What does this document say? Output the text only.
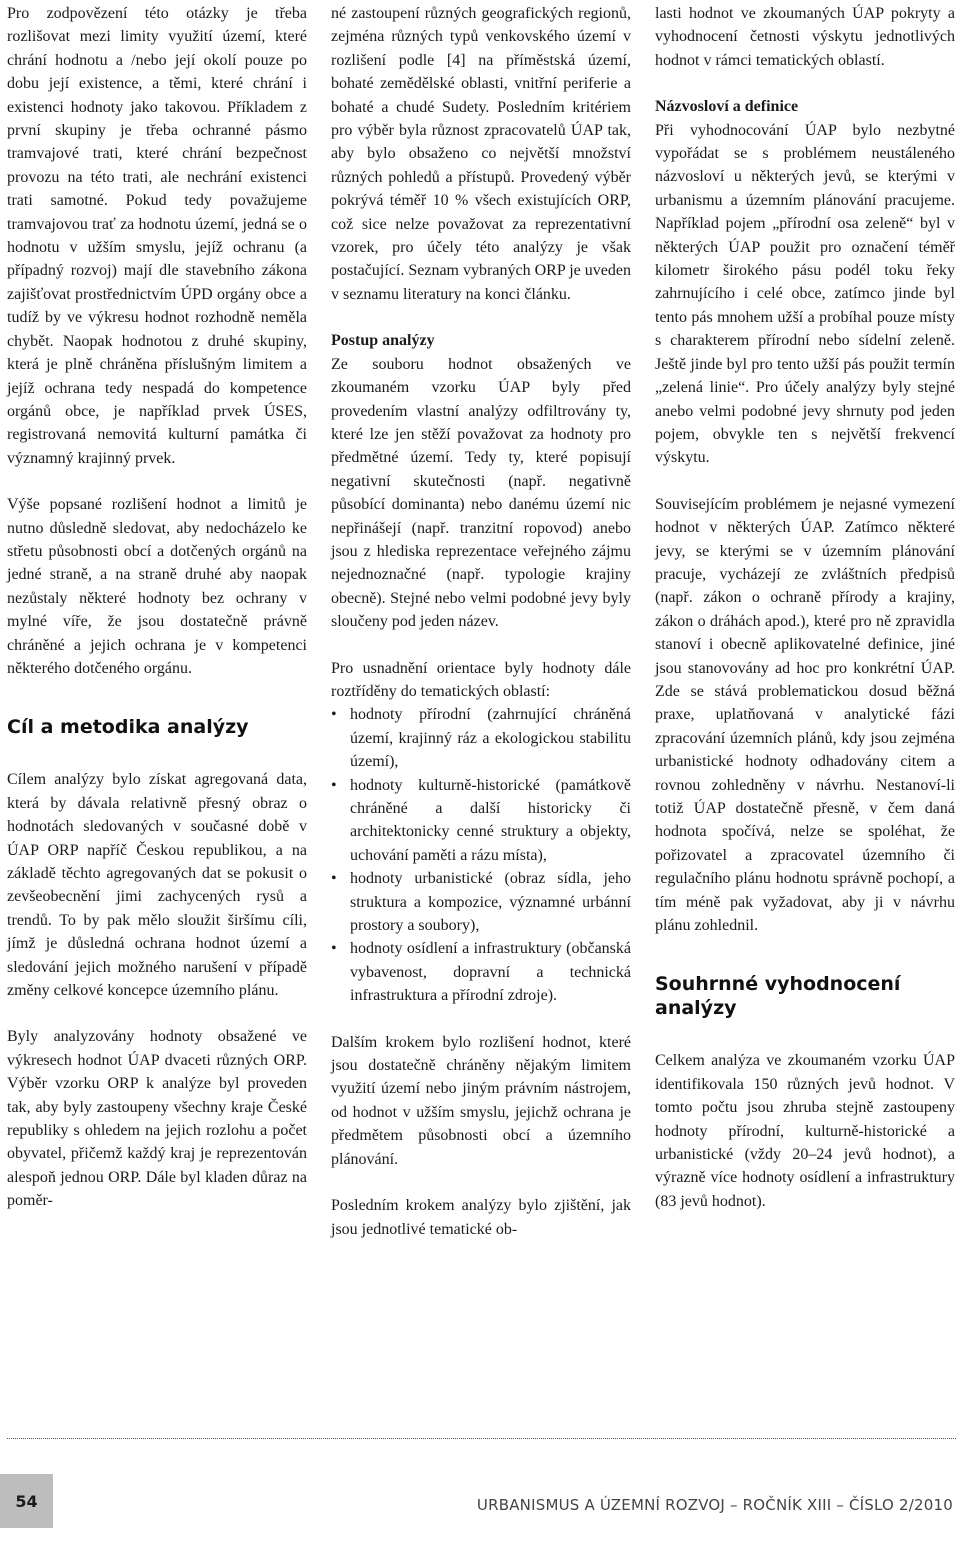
Pro zodpovězení této otázky je třeba rozlišovat mezi limity využití území, které chrání hodnotu a /nebo její okolí pouze po dobu její existence, a těmi, které chrání i existenci hodnoty jako takovou. Příkladem z první skupiny je třeba ochranné pásmo tramvajové trati, které chrání bezpečnost provozu na této trati, ale nechrání existenci trati samotné. Pokud tedy považujeme tramvajovou trať za hodnotu území, jedná se o hodnotu v užším smyslu, jejíž ochranu (a případný rozvoj) mají dle stavebního zákona zajišťovat prostřednictvím ÚPD orgány obce a tudíž by ve výkresu hodnot rozhodně neměla chybět. Naopak hodnotou z druhé skupiny, která je plně chráněna příslušným limitem a jejíž ochrana tedy nespadá do kompetence orgánů obce, je například prvek ÚSES, registrovaná nemovitá kulturní památka či významný krajinný prvek.

Výše popsané rozlišení hodnot a limitů je nutno důsledně sledovat, aby nedocházelo ke střetu působnosti obcí a dotčených orgánů na jedné straně, a na straně druhé aby naopak nezůstaly některé hodnoty bez ochrany v mylné víře, že jsou dostatečně právně chráněné a jejich ochrana je v kompetenci některého dotčeného orgánu.

Cíl a metodika analýzy

Cílem analýzy bylo získat agregovaná data, která by dávala relativně přesný obraz o hodnotách sledovaných v současné době v ÚAP ORP napříč Českou republikou, a na základě těchto agregovaných dat se pokusit o zevšeobecnění jimi zachycených rysů a trendů. To by pak mělo sloužit širšímu cíli, jímž je důsledná ochrana hodnot území a sledování jejich možného narušení v případě změny celkové koncepce územního plánu.

Byly analyzovány hodnoty obsažené ve výkresech hodnot ÚAP dvaceti různých ORP. Výběr vzorku ORP k analýze byl proveden tak, aby byly zastoupeny všechny kraje České republiky s ohledem na jejich rozlohu a počet obyvatel, přičemž každý kraj je reprezentován alespoň jednou ORP. Dále byl kladen důraz na poměr-

né zastoupení různých geografických regionů, zejména různých typů venkovského území v rozlišení podle [4] na příměstská území, bohaté zemědělské oblasti, vnitřní periferie a bohaté a chudé Sudety. Posledním kritériem pro výběr byla různost zpracovatelů ÚAP tak, aby bylo obsaženo co největší množství různých pohledů a přístupů. Provedený výběr pokrývá téměř 10 % všech existujících ORP, což sice nelze považovat za reprezentativní vzorek, pro účely této analýzy je však postačující. Seznam vybraných ORP je uveden v seznamu literatury na konci článku.

Postup analýzy

Ze souboru hodnot obsažených ve zkoumaném vzorku ÚAP byly před provedením vlastní analýzy odfiltrovány ty, které lze jen stěží považovat za hodnoty pro předmětné území. Tedy ty, které popisují negativní skutečnosti (např. negativně působící dominanta) nebo danému území nic nepřinášejí (např. tranzitní ropovod) anebo jsou z hlediska reprezentace veřejného zájmu nejednoznačné (např. typologie krajiny obecně). Stejné nebo velmi podobné jevy byly sloučeny pod jeden název.

Pro usnadnění orientace byly hodnoty dále roztříděny do tematických oblastí:

• hodnoty přírodní (zahrnující chráněná území, krajinný ráz a ekologickou stabilitu území),
• hodnoty kulturně-historické (památkově chráněné a další historicky či architektonicky cenné struktury a objekty, uchování paměti a rázu místa),
• hodnoty urbanistické (obraz sídla, jeho struktura a kompozice, významné urbánní prostory a soubory),
• hodnoty osídlení a infrastruktury (občanská vybavenost, dopravní a technická infrastruktura a přírodní zdroje).

Dalším krokem bylo rozlišení hodnot, které jsou dostatečně chráněny nějakým limitem využití území nebo jiným právním nástrojem, od hodnot v užším smyslu, jejichž ochrana je předmětem působnosti obcí a územního plánování.

Posledním krokem analýzy bylo zjištění, jak jsou jednotlivé tematické ob-

lasti hodnot ve zkoumaných ÚAP pokryty a vyhodnocení četnosti výskytu jednotlivých hodnot v rámci tematických oblastí.

Názvosloví a definice

Při vyhodnocování ÚAP bylo nezbytné vypořádat se s problémem neustáleného názvosloví u některých jevů, se kterými v urbanismu a územním plánování pracujeme. Například pojem „přírodní osa zeleně“ byl v některých ÚAP použit pro označení téměř kilometr širokého pásu podél toku řeky zahrnujícího i celé obce, zatímco jinde byl tento pás mnohem užší a probíhal pouze místy s charakterem přírodní nebo sídelní zeleně. Ještě jinde byl pro tento užší pás použit termín „zelená linie“. Pro účely analýzy byly stejné anebo velmi podobné jevy shrnuty pod jeden pojem, obvykle ten s největší frekvencí výskytu.

Souvisejícím problémem je nejasné vymezení hodnot v některých ÚAP. Zatímco některé jevy, se kterými se v územním plánování pracuje, vycházejí ze zvláštních předpisů (např. zákon o ochraně přírody a krajiny, zákon o dráhách apod.), které pro ně zpravidla stanoví i obecně aplikovatelné definice, jiné jsou stanovovány ad hoc pro konkrétní ÚAP. Zde se stává problematickou dosud běžná praxe, uplatňovaná v analytické fázi zpracování územních plánů, kdy jsou zejména urbanistické hodnoty odhadovány citem a rovnou zohledněny v návrhu. Nestanoví-li totiž ÚAP dostatečně přesně, v čem daná hodnota spočívá, nelze se spoléhat, že pořizovatel a zpracovatel územního či regulačního plánu hodnotu správně pochopí, a tím méně pak vyžadovat, aby ji v návrhu plánu zohlednil.

Souhrnné vyhodnocení analýzy

Celkem analýza ve zkoumaném vzorku ÚAP identifikovala 150 různých jevů hodnot. V tomto počtu jsou zhruba stejně zastoupeny hodnoty přírodní, kulturně-historické a urbanistické (vždy 20–24 jevů hodnot), a výrazně více hodnoty osídlení a infrastruktury (83 jevů hodnot).

54	URBANISMUS A ÚZEMNÍ ROZVOJ – ROČNÍK XIII – ČÍSLO 2/2010
